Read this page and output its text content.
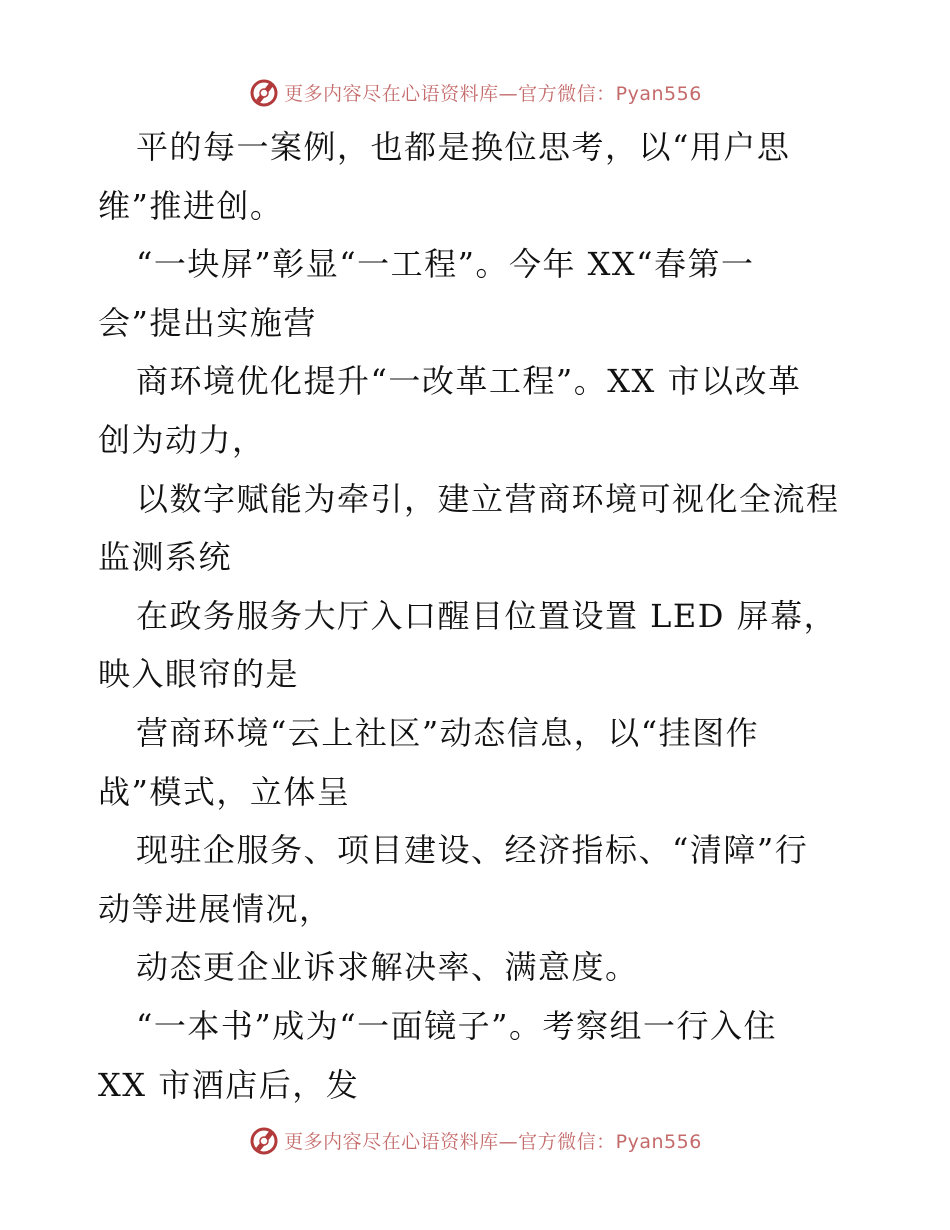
更多内容尽在心语资料库—官方微信：Pyan556
平的每一案例，也都是换位思考，以“用户思
维”推进创。
“一块屏”彰显“一工程”。今年 XX“春第一
会”提出实施营
商环境优化提升“一改革工程”。XX 市以改革
创为动力，
以数字赋能为牵引，建立营商环境可视化全流程
监测系统
在政务服务大厅入口醒目位置设置 LED 屏幕，
映入眼帘的是
营商环境“云上社区”动态信息，以“挂图作
战”模式，立体呈
现驻企服务、项目建设、经济指标、“清障”行
动等进展情况，
动态更企业诉求解决率、满意度。
“一本书”成为“一面镜子”。考察组一行入住
XX 市酒店后，发
更多内容尽在心语资料库—官方微信：Pyan556
